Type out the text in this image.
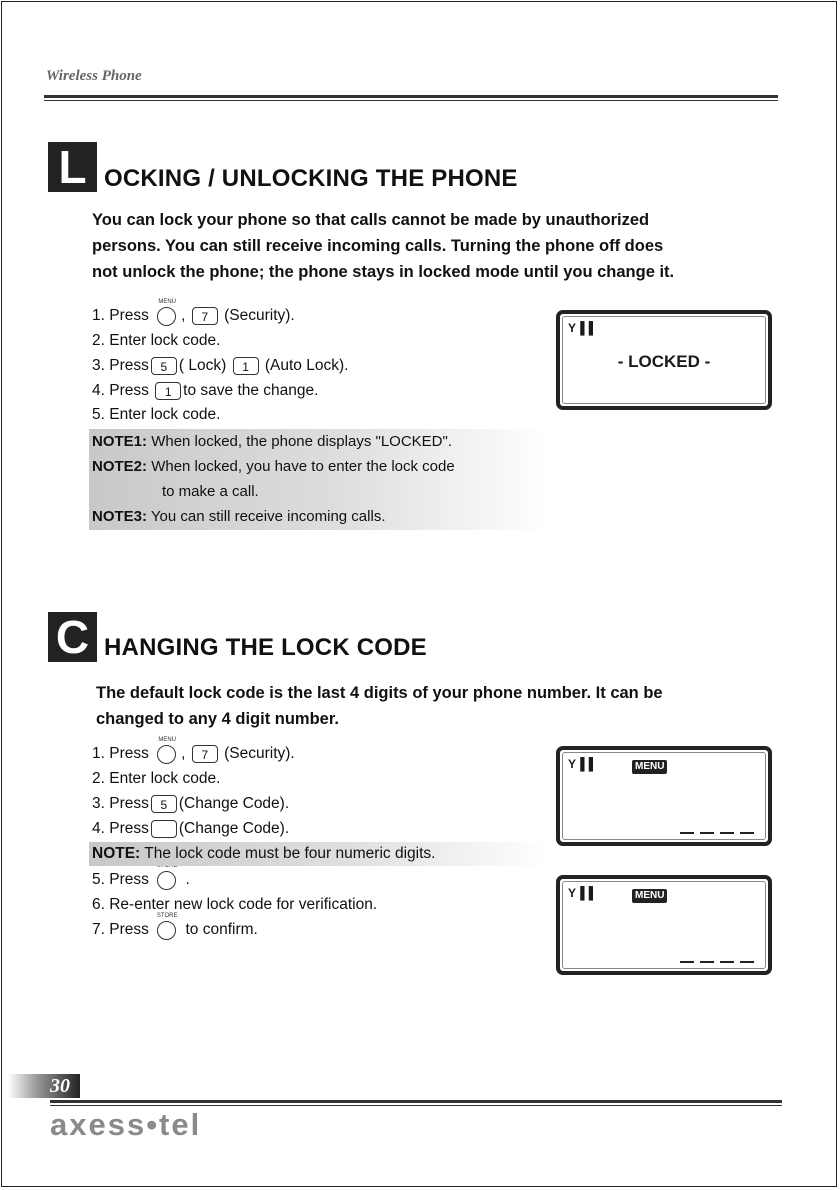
Wireless Phone
L OCKING / UNLOCKING THE PHONE
You can lock your phone so that calls cannot be made by unauthorized
persons. You can still receive incoming calls. Turning the phone off does
not unlock the phone; the phone stays in locked mode until you change it.
1. Press
MENU
, 7 (Security).
2. Enter lock code.
3. Press 5 ( Lock) 1 (Auto Lock).
4. Press 1 to save the change.
5. Enter lock code.
NOTE1: When locked, the phone displays "LOCKED".
NOTE2: When locked, you have to enter the lock code
to make a call.
NOTE3: You can still receive incoming calls.
Y▐▐
- LOCKED -
C HANGING THE LOCK CODE
The default lock code is the last 4 digits of your phone number. It can be
changed to any 4 digit number.
1. Press
MENU
, 7 (Security).
2. Enter lock code.
3. Press 5 (Change Code).
4. Press (Change Code).
5. Press .
6. Re-enter new lock code for verification.
7. Press
STORE
to confirm.
NOTE: The lock code must be four numeric digits.
Y▐▐	MENU
Y▐▐	MENU
30
axess•tel
